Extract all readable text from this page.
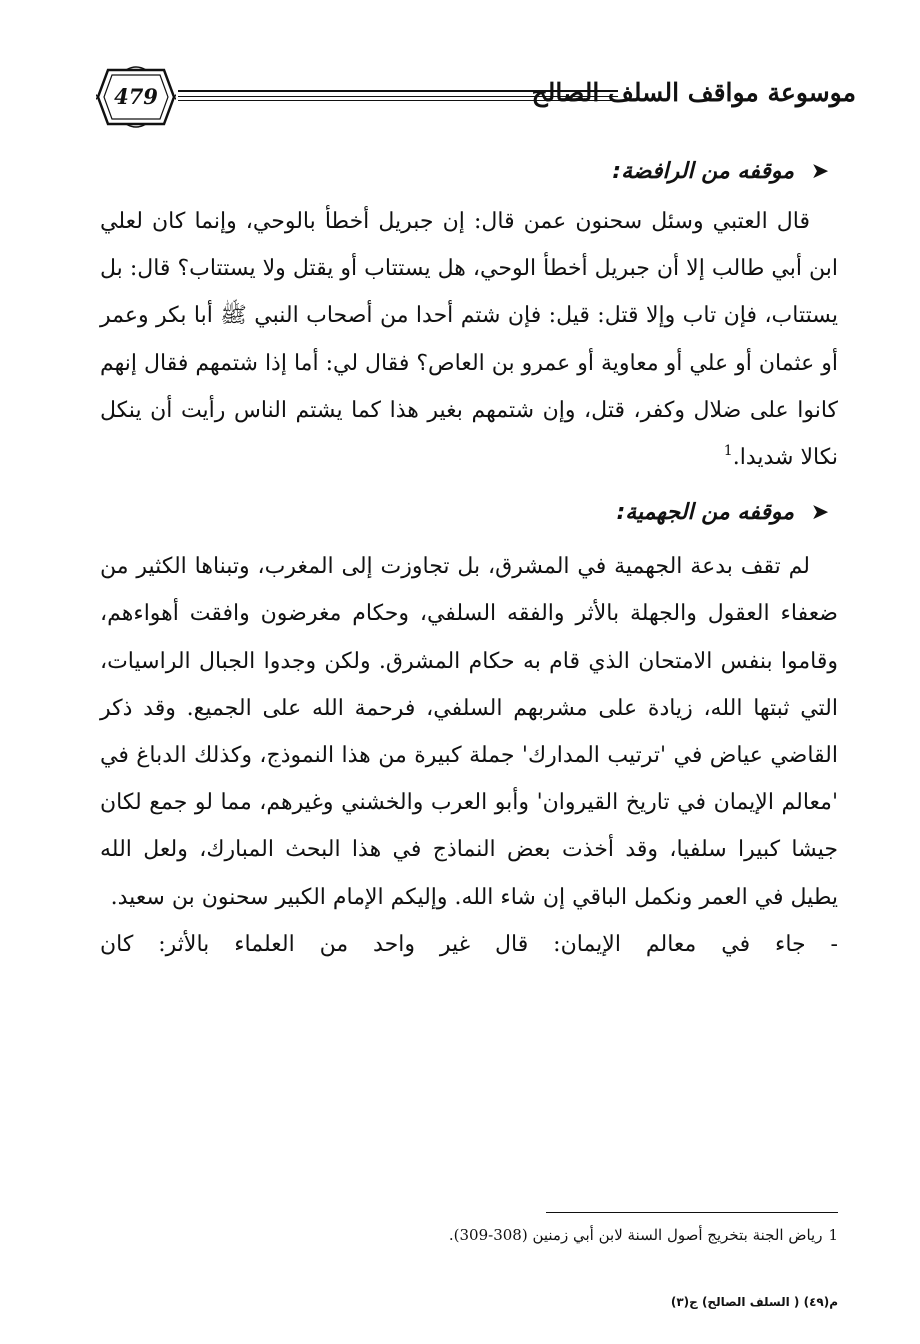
479	موسوعة مواقف السلف الصالح
➤
موقفه من الرافضة:
قال العتبي وسئل سحنون عمن قال: إن جبريل أخطأ بالوحي، وإنما كان لعلي ابن أبي طالب إلا أن جبريل أخطأ الوحي، هل يستتاب أو يقتل ولا يستتاب؟ قال: بل يستتاب، فإن تاب وإلا قتل: قيل: فإن شتم أحدا من أصحاب النبي ﷺ أبا بكر وعمر أو عثمان أو علي أو معاوية أو عمرو بن العاص؟ فقال لي: أما إذا شتمهم فقال إنهم كانوا على ضلال وكفر، قتل، وإن شتمهم بغير هذا كما يشتم الناس رأيت أن ينكل نكالا شديدا.$^1$
➤
موقفه من الجهمية:
لم تقف بدعة الجهمية في المشرق، بل تجاوزت إلى المغرب، وتبناها الكثير من ضعفاء العقول والجهلة بالأثر والفقه السلفي، وحكام مغرضون وافقت أهواءهم، وقاموا بنفس الامتحان الذي قام به حكام المشرق. ولكن وجدوا الجبال الراسيات، التي ثبتها الله، زيادة على مشربهم السلفي، فرحمة الله على الجميع. وقد ذكر القاضي عياض في 'ترتيب المدارك' جملة كبيرة من هذا النموذج، وكذلك الدباغ في 'معالم الإيمان في تاريخ القيروان' وأبو العرب والخشني وغيرهم، مما لو جمع لكان جيشا كبيرا سلفيا، وقد أخذت بعض النماذج في هذا البحث المبارك، ولعل الله يطيل في العمر ونكمل الباقي إن شاء الله. وإليكم الإمام الكبير سحنون بن سعيد.
- جاء في معالم الإيمان: قال غير واحد من العلماء بالأثر: كان
1رياض الجنة بتخريج أصول السنة لابن أبي زمنين (308-309).
م(٤٩) ( السلف الصالح) ج(٣)
